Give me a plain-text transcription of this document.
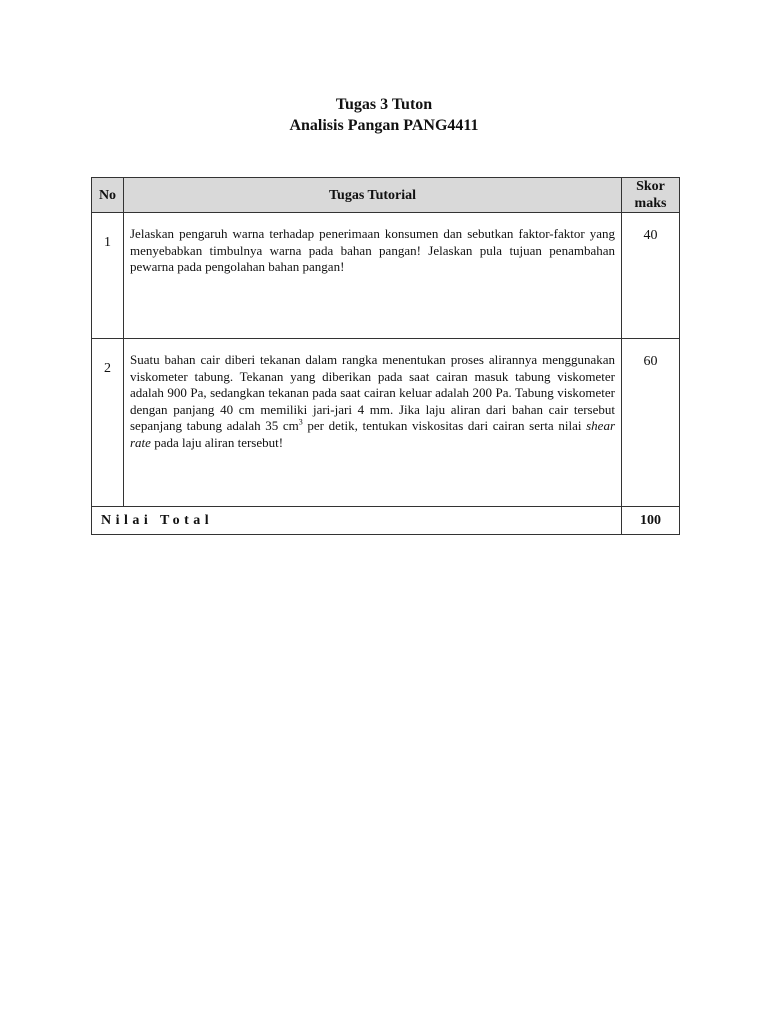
Tugas 3 Tuton
Analisis Pangan PANG4411
No	Tugas Tutorial	Skor
maks
1	Jelaskan pengaruh warna terhadap penerimaan konsumen dan sebutkan faktor-faktor yang menyebabkan timbulnya warna pada bahan pangan! Jelaskan pula tujuan penambahan pewarna pada pengolahan bahan pangan!	40
2	Suatu bahan cair diberi tekanan dalam rangka menentukan proses alirannya menggunakan viskometer tabung. Tekanan yang diberikan pada saat cairan masuk tabung viskometer adalah 900 Pa, sedangkan tekanan pada saat cairan keluar adalah 200 Pa. Tabung viskometer dengan panjang 40 cm memiliki jari-jari 4 mm. Jika laju aliran dari bahan cair tersebut sepanjang tabung adalah 35 $cm^3$ per detik, tentukan viskositas dari cairan serta nilai shear rate pada laju aliran tersebut!	60
Nilai Total		100
